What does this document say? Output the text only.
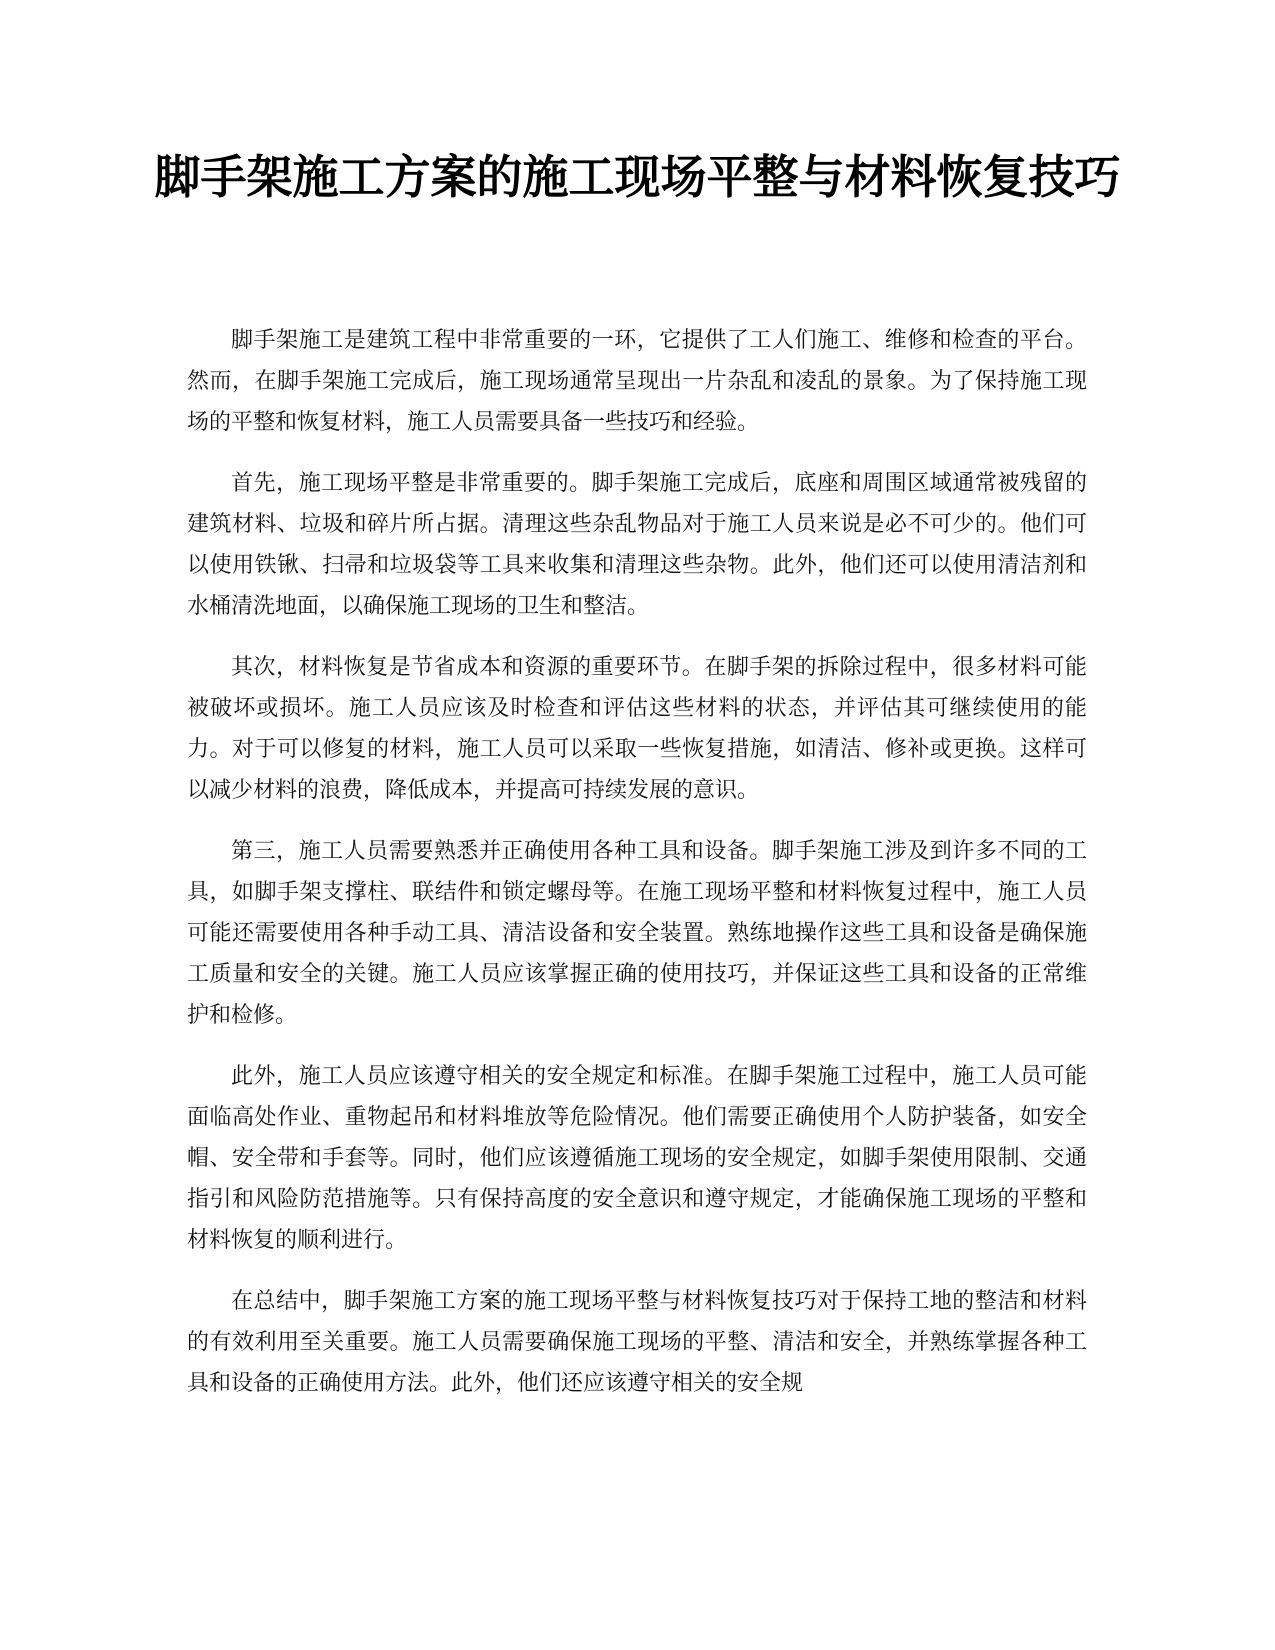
脚手架施工方案的施工现场平整与材料恢复技巧

脚手架施工是建筑工程中非常重要的一环，它提供了工人们施工、维修和检查的平台。然而，在脚手架施工完成后，施工现场通常呈现出一片杂乱和凌乱的景象。为了保持施工现场的平整和恢复材料，施工人员需要具备一些技巧和经验。

首先，施工现场平整是非常重要的。脚手架施工完成后，底座和周围区域通常被残留的建筑材料、垃圾和碎片所占据。清理这些杂乱物品对于施工人员来说是必不可少的。他们可以使用铁锹、扫帚和垃圾袋等工具来收集和清理这些杂物。此外，他们还可以使用清洁剂和水桶清洗地面，以确保施工现场的卫生和整洁。

其次，材料恢复是节省成本和资源的重要环节。在脚手架的拆除过程中，很多材料可能被破坏或损坏。施工人员应该及时检查和评估这些材料的状态，并评估其可继续使用的能力。对于可以修复的材料，施工人员可以采取一些恢复措施，如清洁、修补或更换。这样可以减少材料的浪费，降低成本，并提高可持续发展的意识。

第三，施工人员需要熟悉并正确使用各种工具和设备。脚手架施工涉及到许多不同的工具，如脚手架支撑柱、联结件和锁定螺母等。在施工现场平整和材料恢复过程中，施工人员可能还需要使用各种手动工具、清洁设备和安全装置。熟练地操作这些工具和设备是确保施工质量和安全的关键。施工人员应该掌握正确的使用技巧，并保证这些工具和设备的正常维护和检修。

此外，施工人员应该遵守相关的安全规定和标准。在脚手架施工过程中，施工人员可能面临高处作业、重物起吊和材料堆放等危险情况。他们需要正确使用个人防护装备，如安全帽、安全带和手套等。同时，他们应该遵循施工现场的安全规定，如脚手架使用限制、交通指引和风险防范措施等。只有保持高度的安全意识和遵守规定，才能确保施工现场的平整和材料恢复的顺利进行。

在总结中，脚手架施工方案的施工现场平整与材料恢复技巧对于保持工地的整洁和材料的有效利用至关重要。施工人员需要确保施工现场的平整、清洁和安全，并熟练掌握各种工具和设备的正确使用方法。此外，他们还应该遵守相关的安全规
